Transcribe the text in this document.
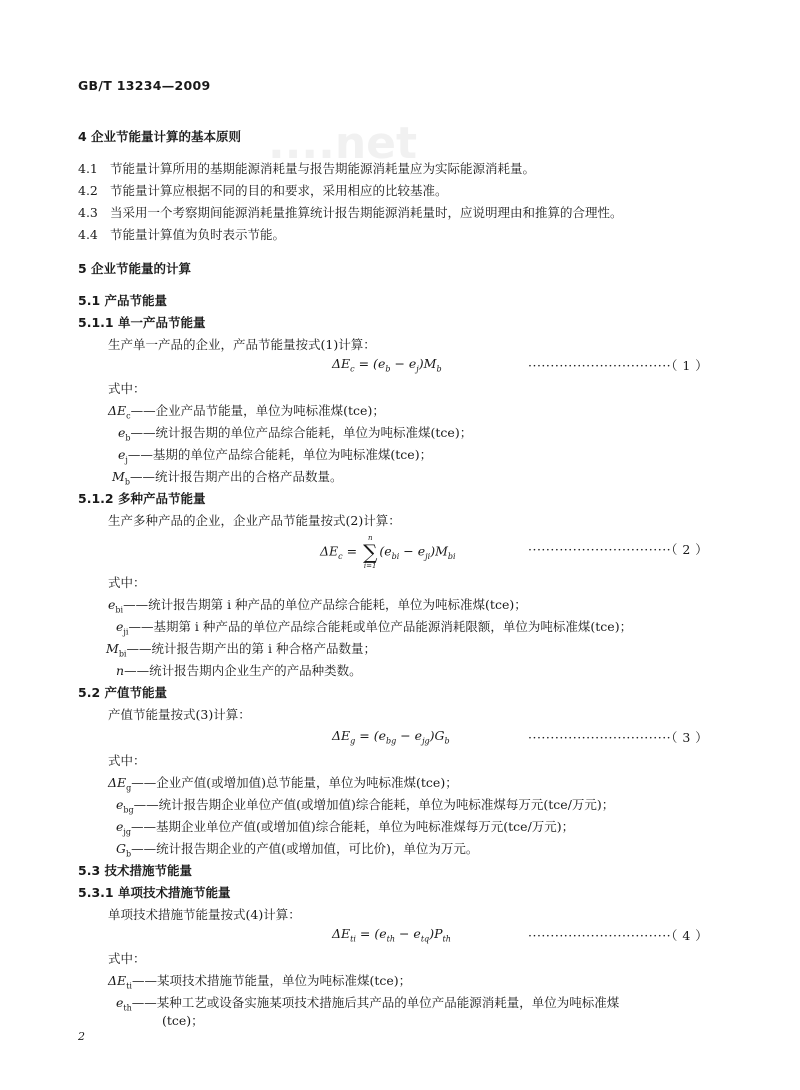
....net
GB/T 13234—2009
4 企业节能量计算的基本原则
4.1 节能量计算所用的基期能源消耗量与报告期能源消耗量应为实际能源消耗量。
4.2 节能量计算应根据不同的目的和要求，采用相应的比较基准。
4.3 当采用一个考察期间能源消耗量推算统计报告期能源消耗量时，应说明理由和推算的合理性。
4.4 节能量计算值为负时表示节能。
5 企业节能量的计算
5.1 产品节能量
5.1.1 单一产品节能量
生产单一产品的企业，产品节能量按式(1)计算：
$\Delta E_c = (e_b - e_j)M_b$	································（ 1 ）
式中：
$\Delta E_c——$企业产品节能量，单位为吨标准煤(tce)；
$e_b——$统计报告期的单位产品综合能耗，单位为吨标准煤(tce)；
$e_j——$基期的单位产品综合能耗，单位为吨标准煤(tce)；
$M_b——$统计报告期产出的合格产品数量。
5.1.2 多种产品节能量
生产多种产品的企业，企业产品节能量按式(2)计算：
$\Delta E_c$ =
n
∑
i=1
$(e_{bi} - e_{ji})M_{bi}$	································（ 2 ）
式中：
$e_{bi}——$统计报告期第 i 种产品的单位产品综合能耗，单位为吨标准煤(tce)；
$e_{ji}——$基期第 i 种产品的单位产品综合能耗或单位产品能源消耗限额，单位为吨标准煤(tce)；
$M_{bi}——$统计报告期产出的第 i 种合格产品数量；
n——统计报告期内企业生产的产品种类数。
5.2 产值节能量
产值节能量按式(3)计算：
$\Delta E_g = (e_{bg} - e_{jg})G_b$	································（ 3 ）
式中：
$\Delta E_g——$企业产值(或增加值)总节能量，单位为吨标准煤(tce)；
$e_{bg}——$统计报告期企业单位产值(或增加值)综合能耗，单位为吨标准煤每万元(tce/万元)；
$e_{jg}——$基期企业单位产值(或增加值)综合能耗，单位为吨标准煤每万元(tce/万元)；
$G_b——$统计报告期企业的产值(或增加值，可比价)，单位为万元。
5.3 技术措施节能量
5.3.1 单项技术措施节能量
单项技术措施节能量按式(4)计算：
$\Delta E_{ti} = (e_{th} - e_{tq})P_{th}$	································（ 4 ）
式中：
$\Delta E_{ti}——$某项技术措施节能量，单位为吨标准煤(tce)；
$e_{th}——$某种工艺或设备实施某项技术措施后其产品的单位产品能源消耗量，单位为吨标准煤
(tce)；
2
